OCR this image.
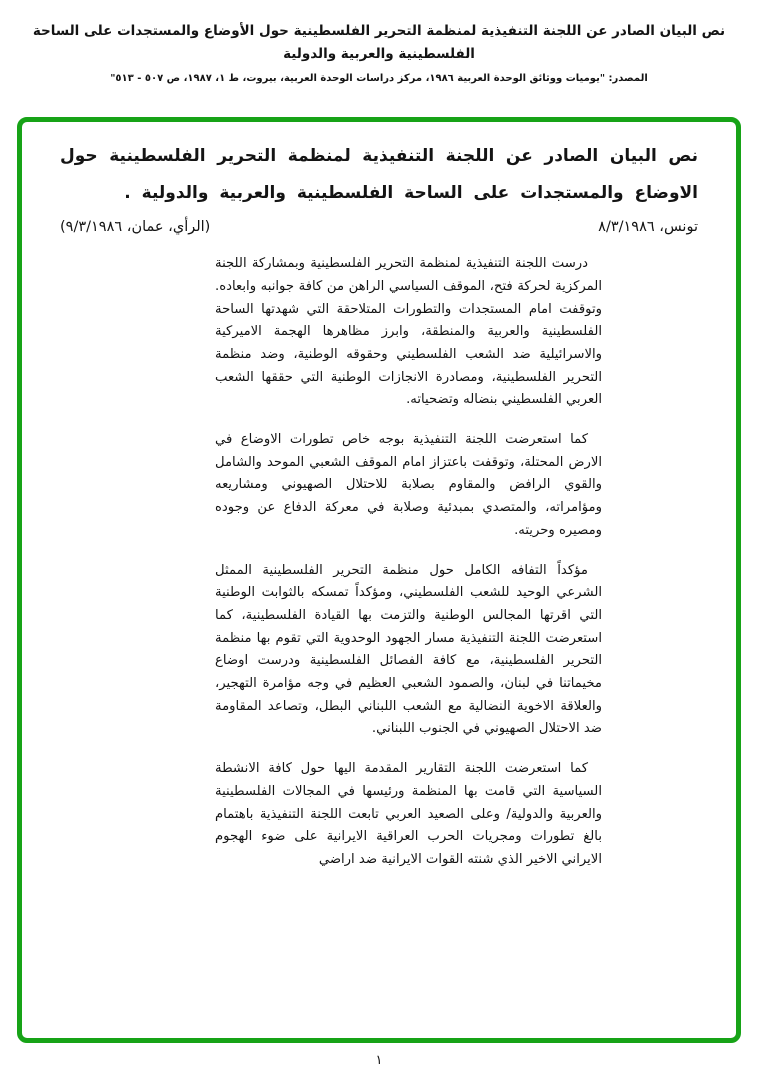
نص البيان الصادر عن اللجنة التنفيذية لمنظمة التحرير الفلسطينية حول الأوضاع والمستجدات على الساحة الفلسطينية والعربية والدولية
المصدر: "يوميات ووثائق الوحدة العربية ١٩٨٦، مركز دراسات الوحدة العربية، بيروت، ط ١، ١٩٨٧، ص ٥٠٧ - ٥١٣"
نص البيان الصادر عن اللجنة التنفيذية لمنظمة التحرير الفلسطينية حول الاوضاع والمستجدات على الساحة الفلسطينية والعربية والدولية .
تونس، ٨/٣/١٩٨٦
(الرأي، عمان، ٩/٣/١٩٨٦)

درست اللجنة التنفيذية لمنظمة التحرير الفلسطينية وبمشاركة اللجنة المركزية لحركة فتح، الموقف السياسي الراهن من كافة جوانبه وابعاده. وتوقفت امام المستجدات والتطورات المتلاحقة التي شهدتها الساحة الفلسطينية والعربية والمنطقة، وابرز مظاهرها الهجمة الاميركية والاسرائيلية ضد الشعب الفلسطيني وحقوقه الوطنية، وضد منظمة التحرير الفلسطينية، ومصادرة الانجازات الوطنية التي حققها الشعب العربي الفلسطيني بنضاله وتضحياته.

كما استعرضت اللجنة التنفيذية بوجه خاص تطورات الاوضاع في الارض المحتلة، وتوقفت باعتزاز امام الموقف الشعبي الموحد والشامل والقوي الرافض والمقاوم بصلابة للاحتلال الصهيوني ومشاريعه ومؤامراته، والمتصدي بمبدئية وصلابة في معركة الدفاع عن وجوده ومصيره وحريته.

مؤكداً التفافه الكامل حول منظمة التحرير الفلسطينية الممثل الشرعي الوحيد للشعب الفلسطيني، ومؤكداً تمسكه بالثوابت الوطنية التي اقرتها المجالس الوطنية والتزمت بها القيادة الفلسطينية، كما استعرضت اللجنة التنفيذية مسار الجهود الوحدوية التي تقوم بها منظمة التحرير الفلسطينية، مع كافة الفصائل الفلسطينية ودرست اوضاع مخيماتنا في لبنان، والصمود الشعبي العظيم في وجه مؤامرة التهجير، والعلاقة الاخوية النضالية مع الشعب اللبناني البطل، وتصاعد المقاومة ضد الاحتلال الصهيوني في الجنوب اللبناني.

كما استعرضت اللجنة التقارير المقدمة اليها حول كافة الانشطة السياسية التي قامت بها المنظمة ورئيسها في المجالات الفلسطينية والعربية والدولية/ وعلى الصعيد العربي تابعت اللجنة التنفيذية باهتمام بالغ تطورات ومجريات الحرب العراقية الايرانية على ضوء الهجوم الايراني الاخير الذي شنته القوات الايرانية ضد اراضي

١
